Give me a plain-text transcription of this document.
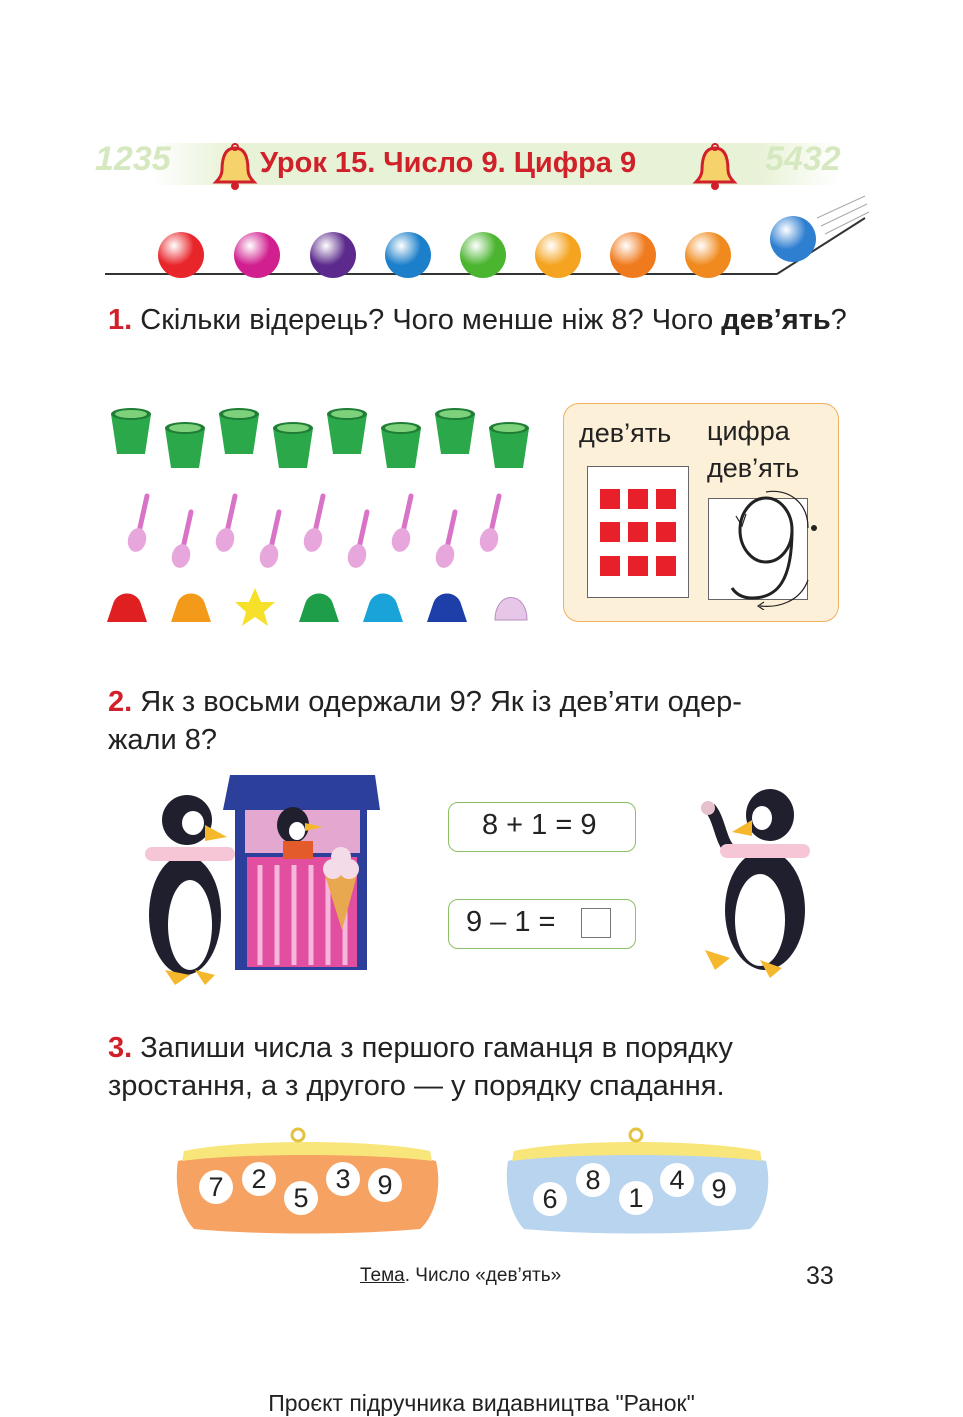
1235	5432
Урок 15. Число 9. Цифра 9
1. Скільки відерець? Чого менше ніж 8? Чого дев’ять?
дев’ять цифра
дев’ять
2. Як з восьми одержали 9? Як із дев’яти одер-
жали 8?
8 + 1 = 9
9 – 1 =
3. Запиши числа з першого гаманця в порядку
зростання, а з другого — у порядку спадання.
7	2
5
3 9	6
8
1
4 9
Тема. Число «дев’ять»	33
Проєкт підручника видавництва "Ранок"
